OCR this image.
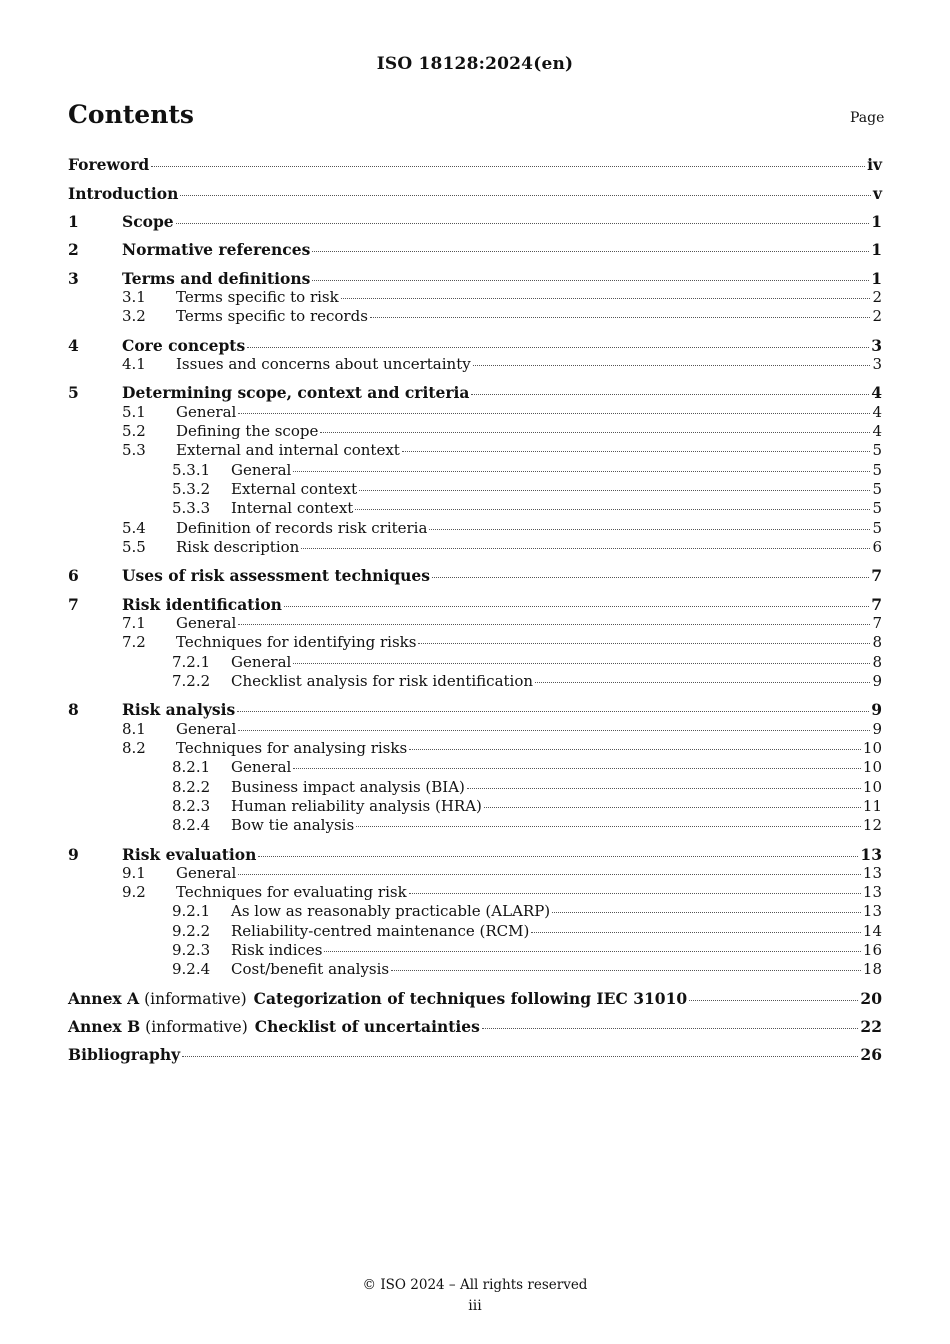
ISO 18128:2024(en)
Contents	Page
Foreword	iv
Introduction	v
1	Scope	1
2	Normative references	1
3	Terms and definitions	1
3.1	Terms specific to risk	2
3.2	Terms specific to records	2
4	Core concepts	3
4.1	Issues and concerns about uncertainty	3
5	Determining scope, context and criteria	4
5.1	General	4
5.2	Defining the scope	4
5.3	External and internal context	5
5.3.1	General	5
5.3.2	External context	5
5.3.3	Internal context	5
5.4	Definition of records risk criteria	5
5.5	Risk description	6
6	Uses of risk assessment techniques	7
7	Risk identification	7
7.1	General	7
7.2	Techniques for identifying risks	8
7.2.1	General	8
7.2.2	Checklist analysis for risk identification	9
8	Risk analysis	9
8.1	General	9
8.2	Techniques for analysing risks	10
8.2.1	General	10
8.2.2	Business impact analysis (BIA)	10
8.2.3	Human reliability analysis (HRA)	11
8.2.4	Bow tie analysis	12
9	Risk evaluation	13
9.1	General	13
9.2	Techniques for evaluating risk	13
9.2.1	As low as reasonably practicable (ALARP)	13
9.2.2	Reliability-centred maintenance (RCM)	14
9.2.3	Risk indices	16
9.2.4	Cost/benefit analysis	18
Annex A (informative) Categorization of techniques following IEC 31010	20
Annex B (informative) Checklist of uncertainties	22
Bibliography	26
© ISO 2024 – All rights reserved
iii
